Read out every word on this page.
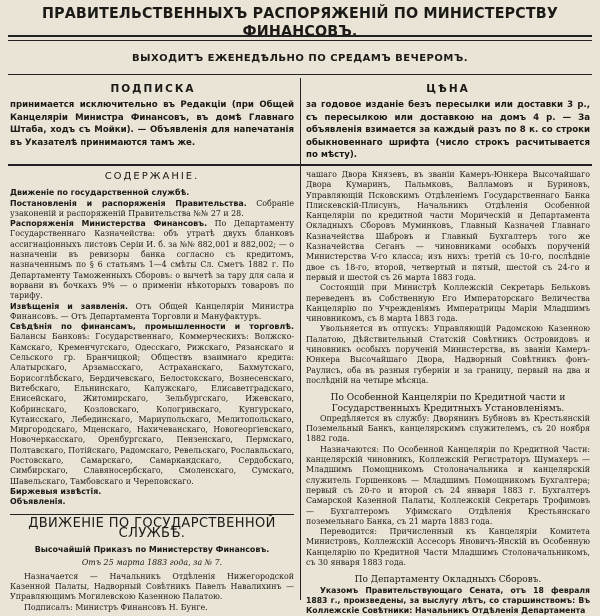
ПРАВИТЕЛЬСТВЕННЫХЪ РАСПОРЯЖЕНІЙ ПО МИНИСТЕРСТВУ ФИНАНСОВЪ.
ВЫХОДИТЪ ЕЖЕНЕДѢЛЬНО ПО СРЕДАМЪ ВЕЧЕРОМЪ.
ПОДПИСКА
принимается исключительно въ Редакціи (при Общей Канцеляріи Министра Финансовъ, въ домѣ Главнаго Штаба, ходъ съ Мойки). — Объявленія для напечатанія въ Указателѣ принимаются тамъ же.
ЦѢНА
за годовое изданіе безъ пересылки или доставки 3 р., съ пересылкою или доставкою на домъ 4 р. — За объявленія взимается за каждый разъ по 8 к. со строки обыкновеннаго шрифта (число строкъ расчитывается по мѣсту).
СОДЕРЖАНІЕ.

Движеніе по государственной службѣ.

Постановленія и распоряженія Правительства. Собраніе узаконеній и распоряженій Правительства №№ 27 и 28.

Распоряженія Министерства Финансовъ. По Департаменту Государственнаго Казначейства: объ утратѣ двухъ бланковъ ассигнаціонныхъ листовъ Серіи И. б. за №№ 882,001 и 882,002; — о назначеніи въ ревизоры банка согласно съ кредитомъ, назначеннымъ по § 6 статьямъ 1—4 смѣты Сл. Сметъ 1882 г. По Департаменту Таможенныхъ Сборовъ: о вычетѣ за тару для сала и ворвани въ бочкахъ 9% — о применіи нѣкоторыхъ товаровъ по тарифу.

Извѣщенія и заявленія. Отъ Общей Канцеляріи Министра Финансовъ. — Отъ Департамента Торговли и Мануфактуръ.

Свѣдѣнія по финансамъ, промышленности и торговлѣ. Балансы Банковъ: Государственнаго, Коммерческихъ: Волжско-Камскаго, Кременчугскаго, Одесскаго, Рижскаго, Рязанскаго и Сельского гр. Бранчицкой; Обществъ взаимнаго кредита: Алатырскаго, Арзамасскаго, Астраханскаго, Бахмутскаго, Борисоглѣбскаго, Бердичевскаго, Белостокскаго, Вознесенскаго, Витебскаго, Ельнинскаго, Калужскаго, Елисаветградскаго, Енисейскаго, Житомирскаго, Зельбургскаго, Ижевскаго, Кобринскаго, Козловскаго, Кологривскаго, Кунгурскаго, Кутаисскаго, Лебединскаго, Мариупольскаго, Мелитопольскаго, Миргородскаго, Мценскаго, Нахичеванскаго, Новогеоргіевскаго, Новочеркасскаго, Оренбургскаго, Пензенскаго, Пермскаго, Полтавскаго, Потійскаго, Радомскаго, Ревельскаго, Рославльскаго, Ростовскаго, Самарскаго, Самаркандскаго, Сердобскаго, Симбирскаго, Славяносербскаго, Смоленскаго, Сумскаго, Шавельскаго, Тамбовскаго и Череповскаго.

Биржевыя извѣстія.

Объявленія.

ДВИЖЕНІЕ ПО ГОСУДАРСТВЕННОЙ СЛУЖБѢ.

Высочайшій Приказъ по Министерству Финансовъ.

Отъ 25 марта 1883 года, за № 7.

Назначается — Начальникъ Отдѣленія Нижегородской Казенной Палаты, Надворный Совѣтникъ Павелъ Навалихинъ — Управляющимъ Могилевскою Казенною Палатою.

Подписалъ: Министръ Финансовъ Н. Бунге.

чашаго Двора Князевъ, въ званіи Камеръ-Юнкера Высочайшаго Двора Кумаринъ, Пальмковъ, Валламовъ и Буриновъ, Управляющій Псковскимъ Отдѣленіемъ Государственнаго Банка Плискевскій-Плисунъ, Начальникъ Отдѣленія Особенной Канцеляріи по кредитной части Морическій и Департамента Окладныхъ Сборовъ Муминковъ, Главный Казначей Главнаго Казначейства Шабровъ и Главный Бухгалтеръ того же Казначейства Сеганъ — чиновниками особыхъ порученій Министерства V-го класса; изъ нихъ: третій съ 10-го, послѣдніе двое съ 18-го, второй, четвертый и пятый, шестой съ 24-го и первый и шестой съ 26 марта 1883 года.

Состоящій при Министрѣ Коллежскій Секретарь Бельковъ переведенъ въ Собственную Его Императорскаго Величества Канцелярію по Учрежденіямъ Императрицы Маріи Младшимъ чиновникомъ, съ 8 марта 1883 года.

Увольняется въ отпускъ: Управляющій Радомскою Казенною Палатою, Дѣйствительный Статскій Совѣтникъ Островидовъ и чиновникъ особыхъ порученій Министерства, въ званіи Камеръ-Юнкера Высочайшаго Двора, Надворный Совѣтникъ фонъ-Раулисъ, оба въ разныя губерніи и за границу, первый на два и послѣдній на четыре мѣсяца.

По Особенной Канцеляріи по Кредитной части и Государственныхъ Кредитныхъ Установленіямъ.

Опредѣляется въ службу: Дворянинъ Бубновъ въ Крестьянскій Поземельный Банкъ, канцелярскимъ служителемъ, съ 20 ноября 1882 года.

Назначаются: По Особенной Канцеляріи по Кредитной Части: канцелярскій чиновникъ, Коллежскій Регистраторъ Шумахеръ — Младшимъ Помощникомъ Столоначальника и канцелярскій служитель Горшенковъ — Младшимъ Помощникомъ Бухгалтера; первый съ 20-го и второй съ 24 января 1883 г. Бухгалтеръ Самарской Казенной Палаты, Коллежскій Секретарь Трофимовъ — Бухгалтеромъ Уфимскаго Отдѣленія Крестьянскаго поземельнаго Банка, съ 21 марта 1883 года.

Переводится: Причисленный къ Канцеляріи Комитета Министровъ, Коллежскій Ассесоръ Яновичъ-Янскій въ Особенную Канцелярію по Кредитной Части Младшимъ Столоначальникомъ, съ 30 января 1883 года.

По Департаменту Окладныхъ Сборовъ.

Указомъ Правительствующаго Сената, отъ 18 февраля 1883 г., произведены, за выслугу лѣтъ, со старшинствомъ: Въ Коллежскіе Совѣтники: Начальникъ Отдѣленія Департамента
